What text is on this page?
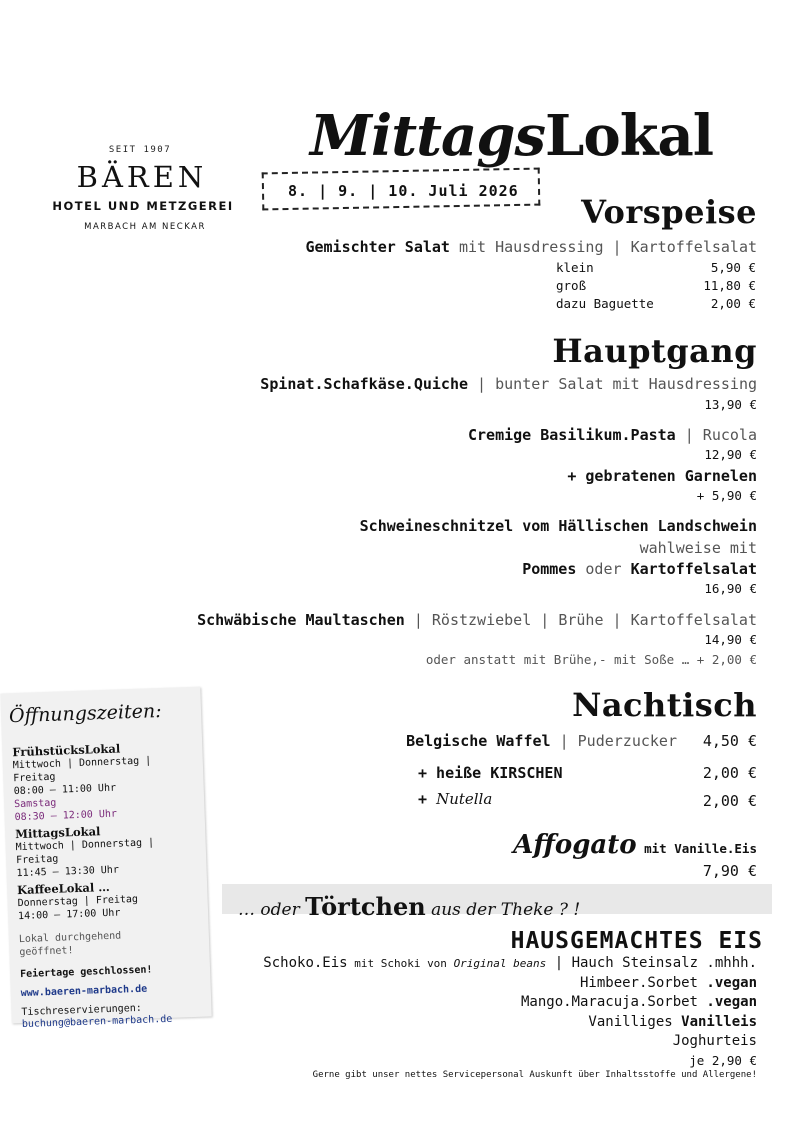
SEIT 1907
BÄREN
HOTEL UND METZGEREI
MARBACH AM NECKAR
MittagsLokal
8. | 9. | 10. Juli 2026
Vorspeise
Gemischter Salat mit Hausdressing | Kartoffelsalat
klein	5,90 €
groß	11,80 €
dazu Baguette	2,00 €
Hauptgang
Spinat.Schafkäse.Quiche | bunter Salat mit Hausdressing
13,90 €
Cremige Basilikum.Pasta | Rucola
12,90 €
+ gebratenen Garnelen
+ 5,90 €
Schweineschnitzel vom Hällischen Landschwein
wahlweise mit
Pommes oder Kartoffelsalat
16,90 €
Schwäbische Maultaschen | Röstzwiebel | Brühe | Kartoffelsalat
14,90 €
oder anstatt mit Brühe,- mit Soße … + 2,00 €
Nachtisch
Belgische Waffel | Puderzucker 4,50 €
+ heiße KIRSCHEN	2,00 €
+ Nutella	2,00 €
Affogato mit Vanille.Eis
7,90 €
… oder Törtchen aus der Theke ? !
HAUSGEMACHTES EIS
Schoko.Eis mit Schoki von Original beans | Hauch Steinsalz .mhhh.
Himbeer.Sorbet .vegan
Mango.Maracuja.Sorbet .vegan
Vanilliges Vanilleis
Joghurteis
je 2,90 €
Gerne gibt unser nettes Servicepersonal Auskunft über Inhaltsstoffe und Allergene!
Öffnungszeiten:
FrühstücksLokal
Mittwoch | Donnerstag |
Freitag
08:00 – 11:00 Uhr
Samstag
08:30 – 12:00 Uhr
MittagsLokal
Mittwoch | Donnerstag |
Freitag
11:45 – 13:30 Uhr
KaffeeLokal …
Donnerstag | Freitag
14:00 – 17:00 Uhr
Lokal durchgehend
geöffnet!
Feiertage geschlossen!
www.baeren-marbach.de
Tischreservierungen:
buchung@baeren-marbach.de
